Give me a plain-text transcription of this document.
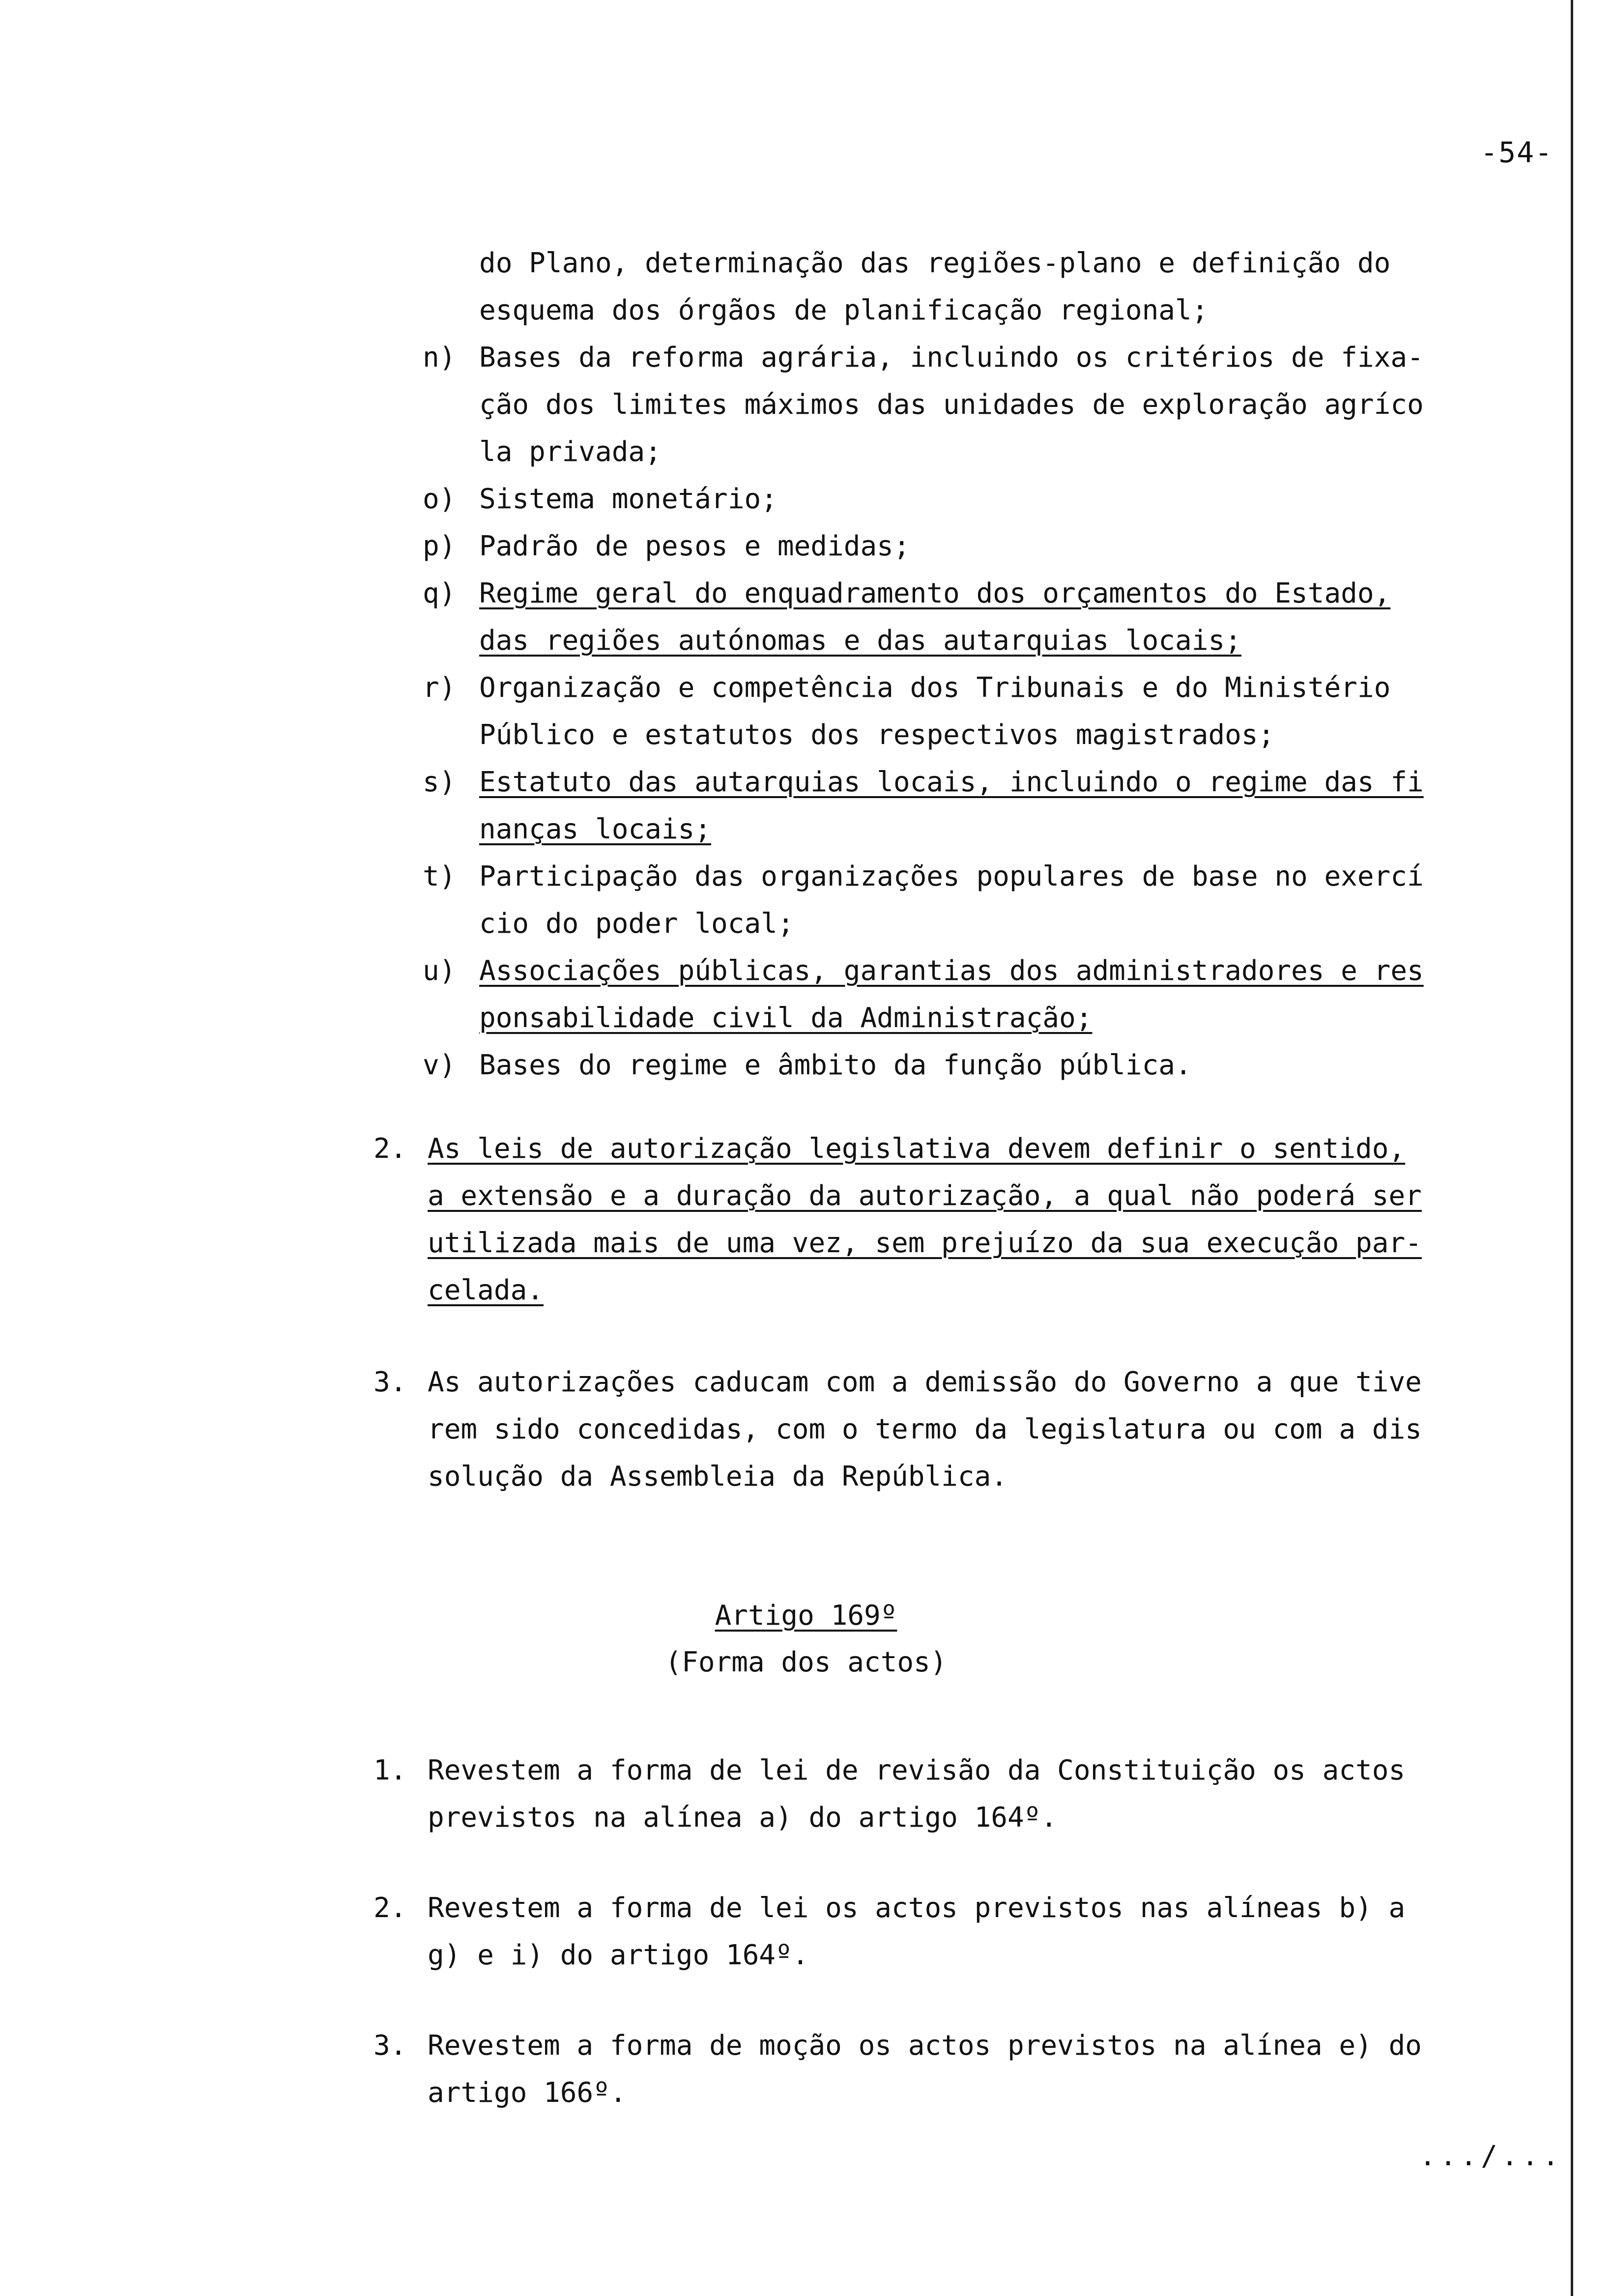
-54-
do Plano, determinação das regiões-plano e definição do
esquema dos órgãos de planificação regional;
n) Bases da reforma agrária, incluindo os critérios de fixa-
ção dos limites máximos das unidades de exploração agríco
la privada;
o) Sistema monetário;
p) Padrão de pesos e medidas;
q) Regime geral do enquadramento dos orçamentos do Estado,
das regiões autónomas e das autarquias locais;
r) Organização e competência dos Tribunais e do Ministério
Público e estatutos dos respectivos magistrados;
s) Estatuto das autarquias locais, incluindo o regime das fi
nanças locais;
t) Participação das organizações populares de base no exercí
cio do poder local;
u) Associações públicas, garantias dos administradores e res
ponsabilidade civil da Administração;
v) Bases do regime e âmbito da função pública.
2. As leis de autorização legislativa devem definir o sentido,
a extensão e a duração da autorização, a qual não poderá ser
utilizada mais de uma vez, sem prejuízo da sua execução par-
celada.
3. As autorizações caducam com a demissão do Governo a que tive
rem sido concedidas, com o termo da legislatura ou com a dis
solução da Assembleia da República.
Artigo 169º
(Forma dos actos)
1. Revestem a forma de lei de revisão da Constituição os actos
previstos na alínea a) do artigo 164º.
2. Revestem a forma de lei os actos previstos nas alíneas b) a
g) e i) do artigo 164º.
3. Revestem a forma de moção os actos previstos na alínea e) do
artigo 166º.
.../...
